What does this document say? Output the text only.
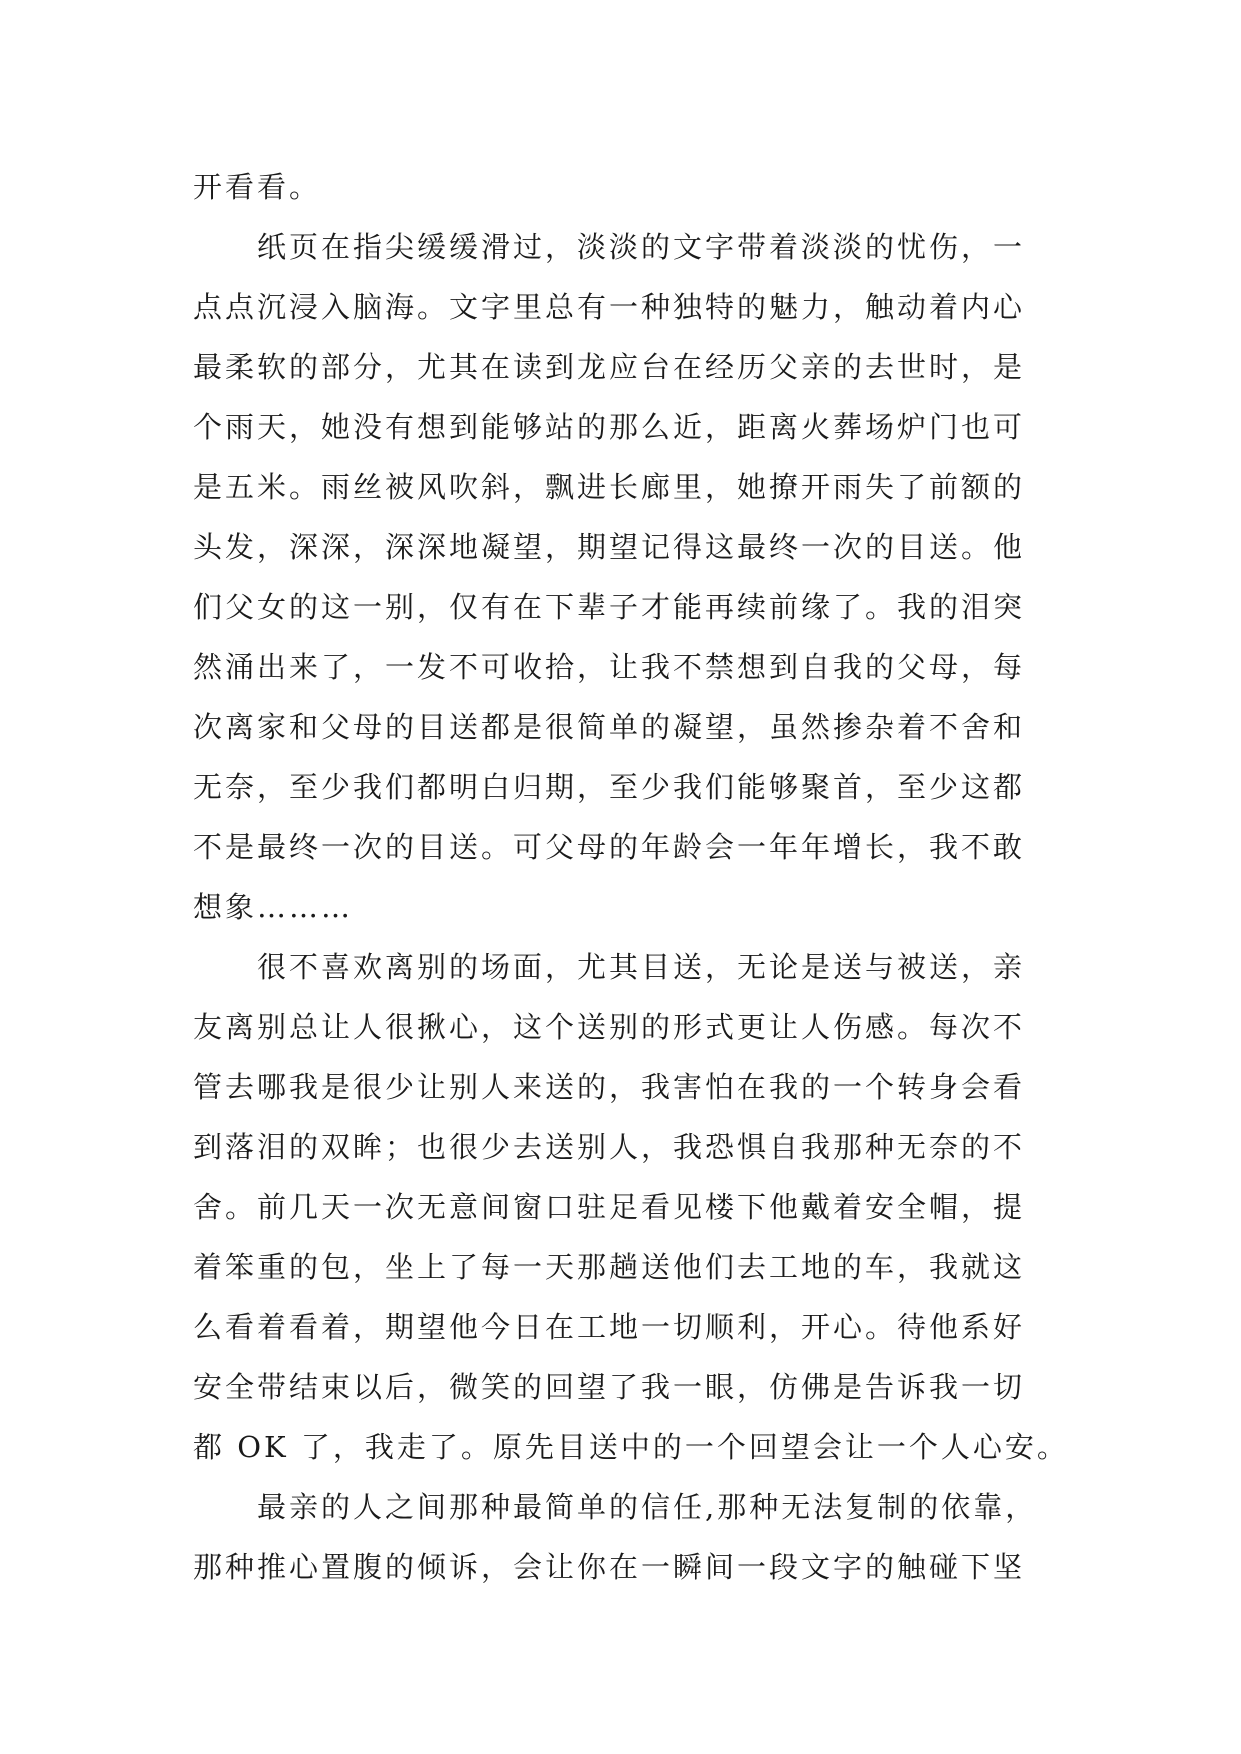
开看看。
纸页在指尖缓缓滑过，淡淡的文字带着淡淡的忧伤，一
点点沉浸入脑海。文字里总有一种独特的魅力，触动着内心
最柔软的部分，尤其在读到龙应台在经历父亲的去世时，是
个雨天，她没有想到能够站的那么近，距离火葬场炉门也可
是五米。雨丝被风吹斜，飘进长廊里，她撩开雨失了前额的
头发，深深，深深地凝望，期望记得这最终一次的目送。他
们父女的这一别，仅有在下辈子才能再续前缘了。我的泪突
然涌出来了，一发不可收拾，让我不禁想到自我的父母，每
次离家和父母的目送都是很简单的凝望，虽然掺杂着不舍和
无奈，至少我们都明白归期，至少我们能够聚首，至少这都
不是最终一次的目送。可父母的年龄会一年年增长，我不敢
想象………
很不喜欢离别的场面，尤其目送，无论是送与被送，亲
友离别总让人很揪心，这个送别的形式更让人伤感。每次不
管去哪我是很少让别人来送的，我害怕在我的一个转身会看
到落泪的双眸；也很少去送别人，我恐惧自我那种无奈的不
舍。前几天一次无意间窗口驻足看见楼下他戴着安全帽，提
着笨重的包，坐上了每一天那趟送他们去工地的车，我就这
么看着看着，期望他今日在工地一切顺利，开心。待他系好
安全带结束以后，微笑的回望了我一眼，仿佛是告诉我一切
都 OK 了，我走了。原先目送中的一个回望会让一个人心安。
最亲的人之间那种最简单的信任,那种无法复制的依靠，
那种推心置腹的倾诉，会让你在一瞬间一段文字的触碰下坚
